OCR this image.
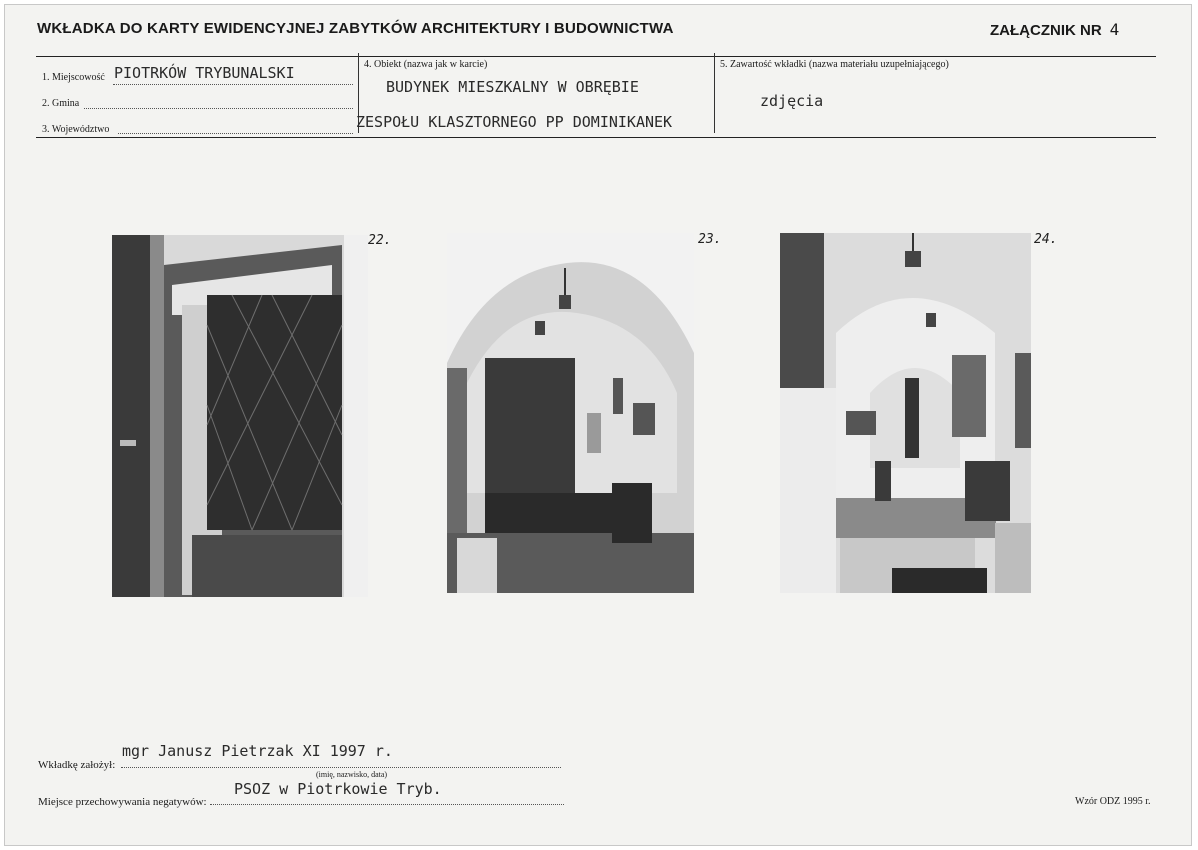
WKŁADKA DO KARTY EWIDENCYJNEJ ZABYTKÓW ARCHITEKTURY I BUDOWNICTWA	ZAŁĄCZNIK NR 4
1. Miejscowość PIOTRKÓW TRYBUNALSKI
2. Gmina
3. Województwo
4. Obiekt (nazwa jak w karcie)
BUDYNEK MIESZKALNY W OBRĘBIE
ZESPOŁU KLASZTORNEGO PP DOMINIKANEK
5. Zawartość wkładki (nazwa materiału uzupełniającego)
zdjęcia
22.	23.	24.
Wkładkę założył:
mgr Janusz Pietrzak XI 1997 r.
(imię, nazwisko, data)
Miejsce przechowywania negatywów:
PSOZ w Piotrkowie Tryb.
Wzór ODZ 1995 r.
